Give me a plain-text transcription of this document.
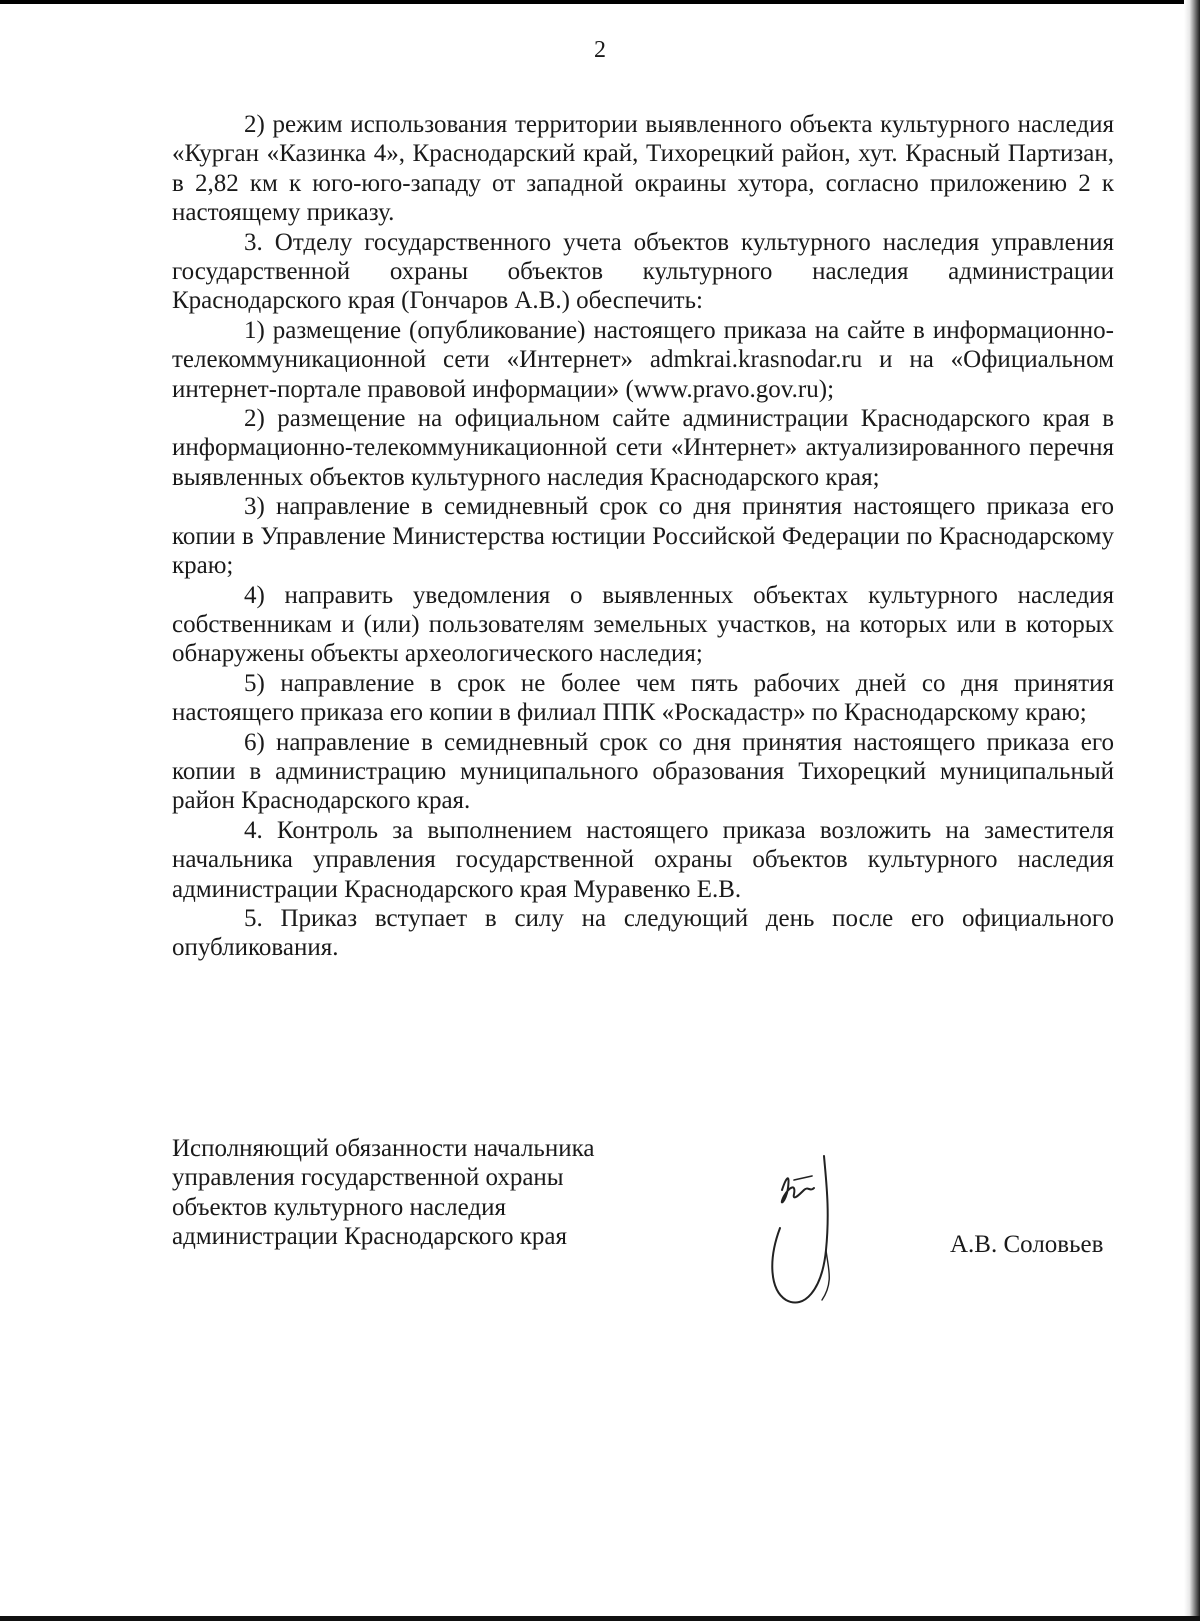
2

2) режим использования территории выявленного объекта культурного наследия «Курган «Казинка 4», Краснодарский край, Тихорецкий район, хут. Красный Партизан, в 2,82 км к юго-юго-западу от западной окраины хутора, согласно приложению 2 к настоящему приказу.

3. Отделу государственного учета объектов культурного наследия управления государственной охраны объектов культурного наследия администрации Краснодарского края (Гончаров А.В.) обеспечить:

1) размещение (опубликование) настоящего приказа на сайте в информационно-телекоммуникационной сети «Интернет» admkrai.krasnodar.ru и на «Официальном интернет-портале правовой информации» (www.pravo.gov.ru);

2) размещение на официальном сайте администрации Краснодарского края в информационно-телекоммуникационной сети «Интернет» актуализированного перечня выявленных объектов культурного наследия Краснодарского края;

3) направление в семидневный срок со дня принятия настоящего приказа его копии в Управление Министерства юстиции Российской Федерации по Краснодарскому краю;

4) направить уведомления о выявленных объектах культурного наследия собственникам и (или) пользователям земельных участков, на которых или в которых обнаружены объекты археологического наследия;

5) направление в срок не более чем пять рабочих дней со дня принятия настоящего приказа его копии в филиал ППК «Роскадастр» по Краснодарскому краю;

6) направление в семидневный срок со дня принятия настоящего приказа его копии в администрацию муниципального образования Тихорецкий муниципальный район Краснодарского края.

4. Контроль за выполнением настоящего приказа возложить на заместителя начальника управления государственной охраны объектов культурного наследия администрации Краснодарского края Муравенко Е.В.

5. Приказ вступает в силу на следующий день после его официального опубликования.

Исполняющий обязанности начальника
управления государственной охраны
объектов культурного наследия
администрации Краснодарского края	А.В. Соловьев
